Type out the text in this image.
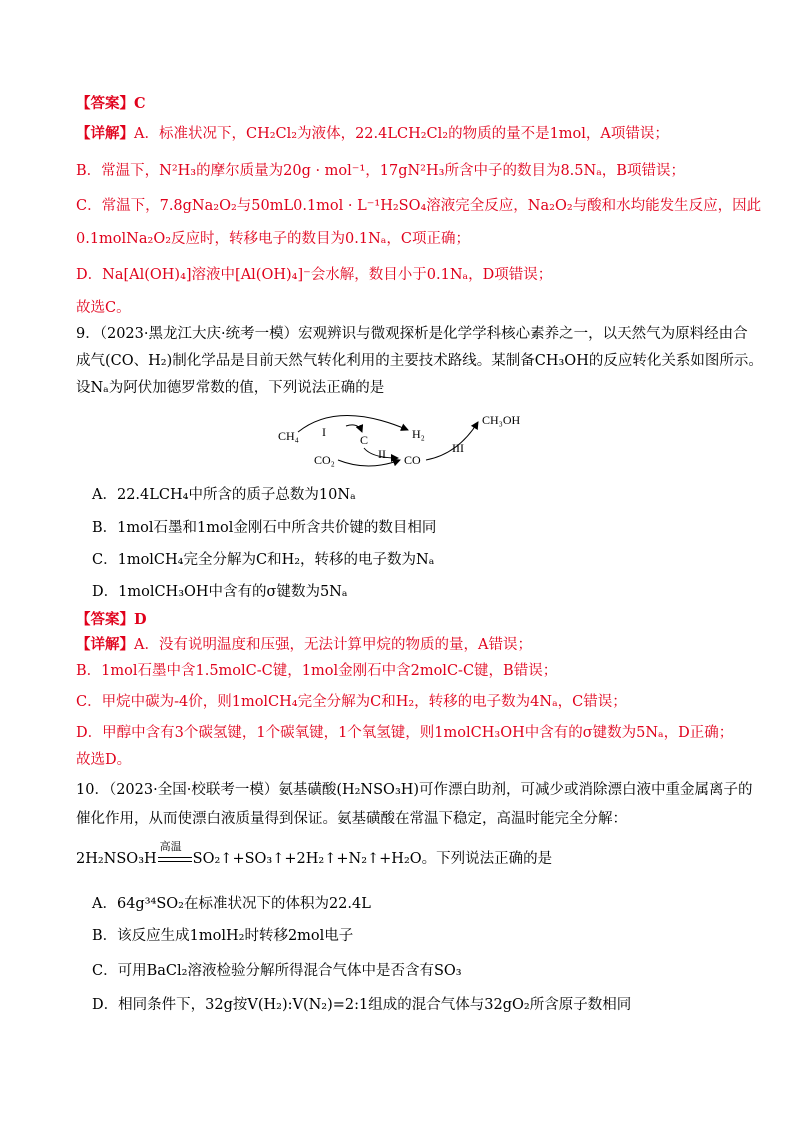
【答案】C
【详解】A．标准状况下，CH₂Cl₂为液体，22.4LCH₂Cl₂的物质的量不是1mol，A项错误；
B．常温下，N²H₃的摩尔质量为20g · mol⁻¹，17gN²H₃所含中子的数目为8.5Nₐ，B项错误；
C．常温下，7.8gNa₂O₂与50mL0.1mol · L⁻¹H₂SO₄溶液完全反应，Na₂O₂与酸和水均能发生反应，因此
0.1molNa₂O₂反应时，转移电子的数目为0.1Nₐ，C项正确；
D．Na[Al(OH)₄]溶液中[Al(OH)₄]⁻会水解，数目小于0.1Nₐ，D项错误；
故选C。
9．（2023·黑龙江大庆·统考一模）宏观辨识与微观探析是化学学科核心素养之一，以天然气为原料经由合
成气(CO、H₂)制化学品是目前天然气转化利用的主要技术路线。某制备CH₃OH的反应转化关系如图所示。
设Nₐ为阿伏加德罗常数的值，下列说法正确的是
CH₄ I
C	H₂
CH₃OH
CO₂	II CO
III
A．22.4LCH₄中所含的质子总数为10Nₐ
B．1mol石墨和1mol金刚石中所含共价键的数目相同
C．1molCH₄完全分解为C和H₂，转移的电子数为Nₐ
D．1molCH₃OH中含有的σ键数为5Nₐ
【答案】D
【详解】A．没有说明温度和压强，无法计算甲烷的物质的量，A错误；
B．1mol石墨中含1.5molC-C键，1mol金刚石中含2molC-C键，B错误；
C．甲烷中碳为-4价，则1molCH₄完全分解为C和H₂，转移的电子数为4Nₐ，C错误；
D．甲醇中含有3个碳氢键，1个碳氧键，1个氧氢键，则1molCH₃OH中含有的σ键数为5Nₐ，D正确；
故选D。
10．（2023·全国·校联考一模）氨基磺酸(H₂NSO₃H)可作漂白助剂，可减少或消除漂白液中重金属离子的
催化作用，从而使漂白液质量得到保证。氨基磺酸在常温下稳定，高温时能完全分解：
2H₂NSO₃H
高温
SO₂↑+SO₃↑+2H₂↑+N₂↑+H₂O。下列说法正确的是
A．64g³⁴SO₂在标准状况下的体积为22.4L
B．该反应生成1molH₂时转移2mol电子
C．可用BaCl₂溶液检验分解所得混合气体中是否含有SO₃
D．相同条件下，32g按V(H₂):V(N₂)=2:1组成的混合气体与32gO₂所含原子数相同
